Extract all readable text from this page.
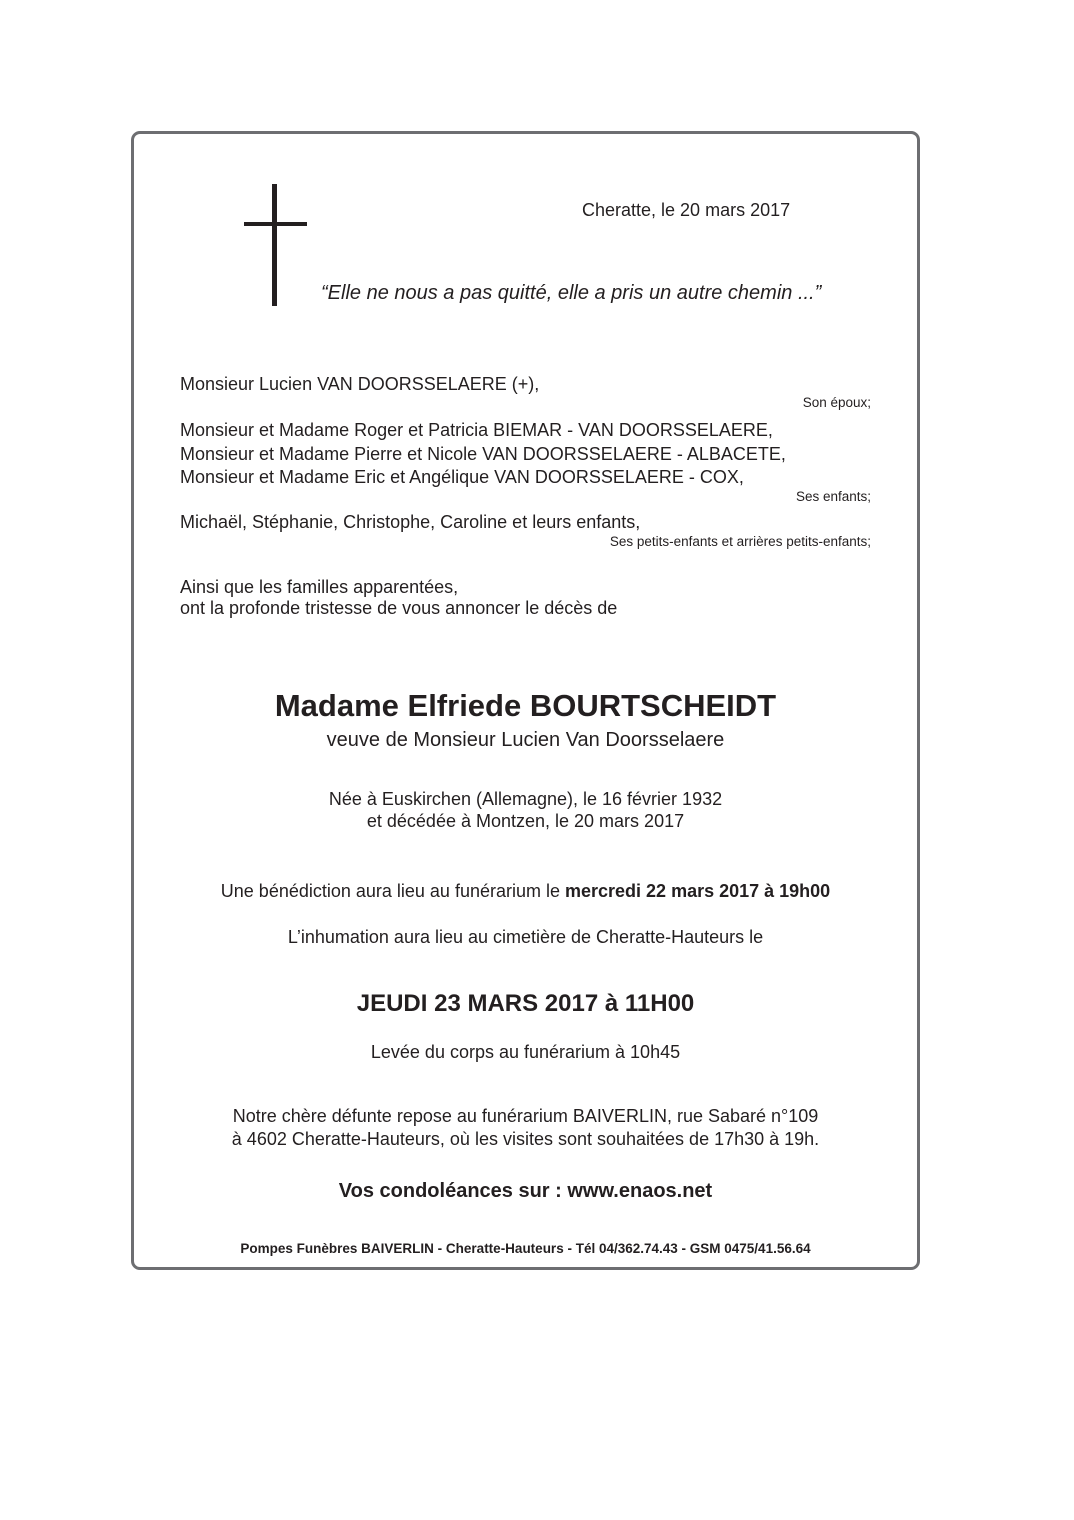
Cheratte, le 20 mars 2017
“Elle ne nous a pas quitté, elle a pris un autre chemin ...”
Monsieur Lucien VAN DOORSSELAERE (+),
Son époux;
Monsieur et Madame Roger et Patricia BIEMAR - VAN DOORSSELAERE,
Monsieur et Madame Pierre et Nicole VAN DOORSSELAERE - ALBACETE,
Monsieur et Madame Eric et Angélique VAN DOORSSELAERE - COX,
Ses enfants;
Michaël, Stéphanie, Christophe, Caroline et leurs enfants,
Ses petits-enfants et arrières petits-enfants;
Ainsi que les familles apparentées,
ont la profonde tristesse de vous annoncer le décès de
Madame Elfriede BOURTSCHEIDT
veuve de Monsieur Lucien Van Doorsselaere
Née à Euskirchen (Allemagne), le 16 février 1932
et décédée à Montzen, le 20 mars 2017
Une bénédiction aura lieu au funérarium le mercredi 22 mars 2017 à 19h00
L’inhumation aura lieu au cimetière de Cheratte-Hauteurs le
JEUDI 23 MARS 2017 à 11H00
Levée du corps au funérarium à 10h45
Notre chère défunte repose au funérarium BAIVERLIN, rue Sabaré n°109
à 4602 Cheratte-Hauteurs, où les visites sont souhaitées de 17h30 à 19h.
Vos condoléances sur : www.enaos.net
Pompes Funèbres BAIVERLIN - Cheratte-Hauteurs - Tél 04/362.74.43 - GSM 0475/41.56.64
